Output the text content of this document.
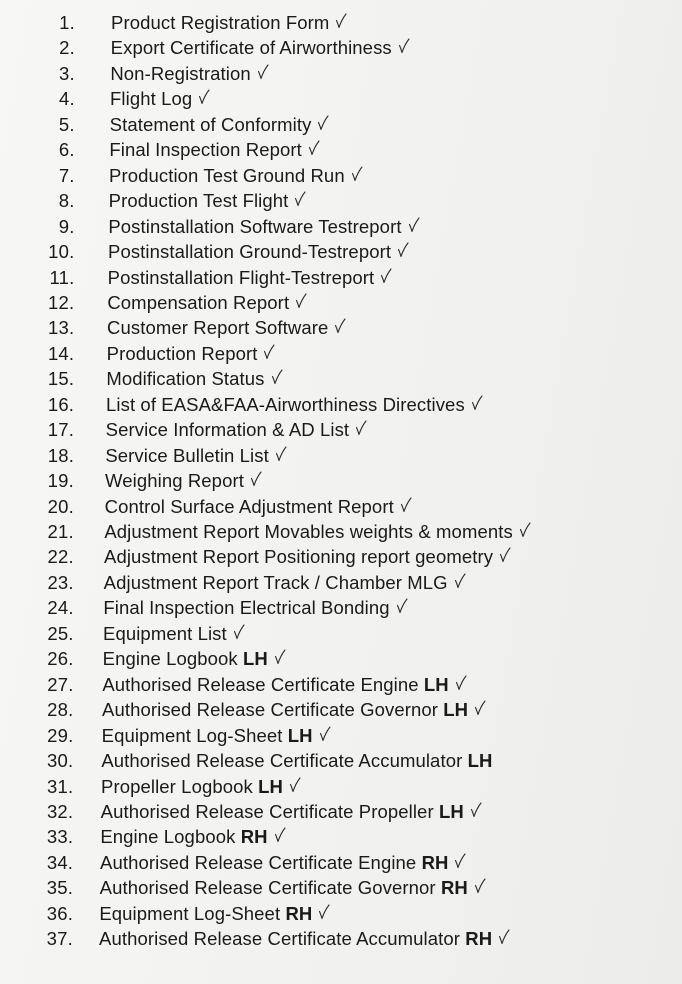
1. Product Registration Form
2. Export Certificate of Airworthiness
3. Non-Registration
4. Flight Log
5. Statement of Conformity
6. Final Inspection Report
7. Production Test Ground Run
8. Production Test Flight
9. Postinstallation Software Testreport
10. Postinstallation Ground-Testreport
11. Postinstallation Flight-Testreport
12. Compensation Report
13. Customer Report Software
14. Production Report
15. Modification Status
16. List of EASA&FAA-Airworthiness Directives
17. Service Information & AD List
18. Service Bulletin List
19. Weighing Report
20. Control Surface Adjustment Report
21. Adjustment Report Movables weights & moments
22. Adjustment Report Positioning report geometry
23. Adjustment Report Track / Chamber MLG
24. Final Inspection Electrical Bonding
25. Equipment List
26. Engine Logbook LH
27. Authorised Release Certificate Engine LH
28. Authorised Release Certificate Governor LH
29. Equipment Log-Sheet LH
30. Authorised Release Certificate Accumulator LH
31. Propeller Logbook LH
32. Authorised Release Certificate Propeller LH
33. Engine Logbook RH
34. Authorised Release Certificate Engine RH
35. Authorised Release Certificate Governor RH
36. Equipment Log-Sheet RH
37. Authorised Release Certificate Accumulator RH
